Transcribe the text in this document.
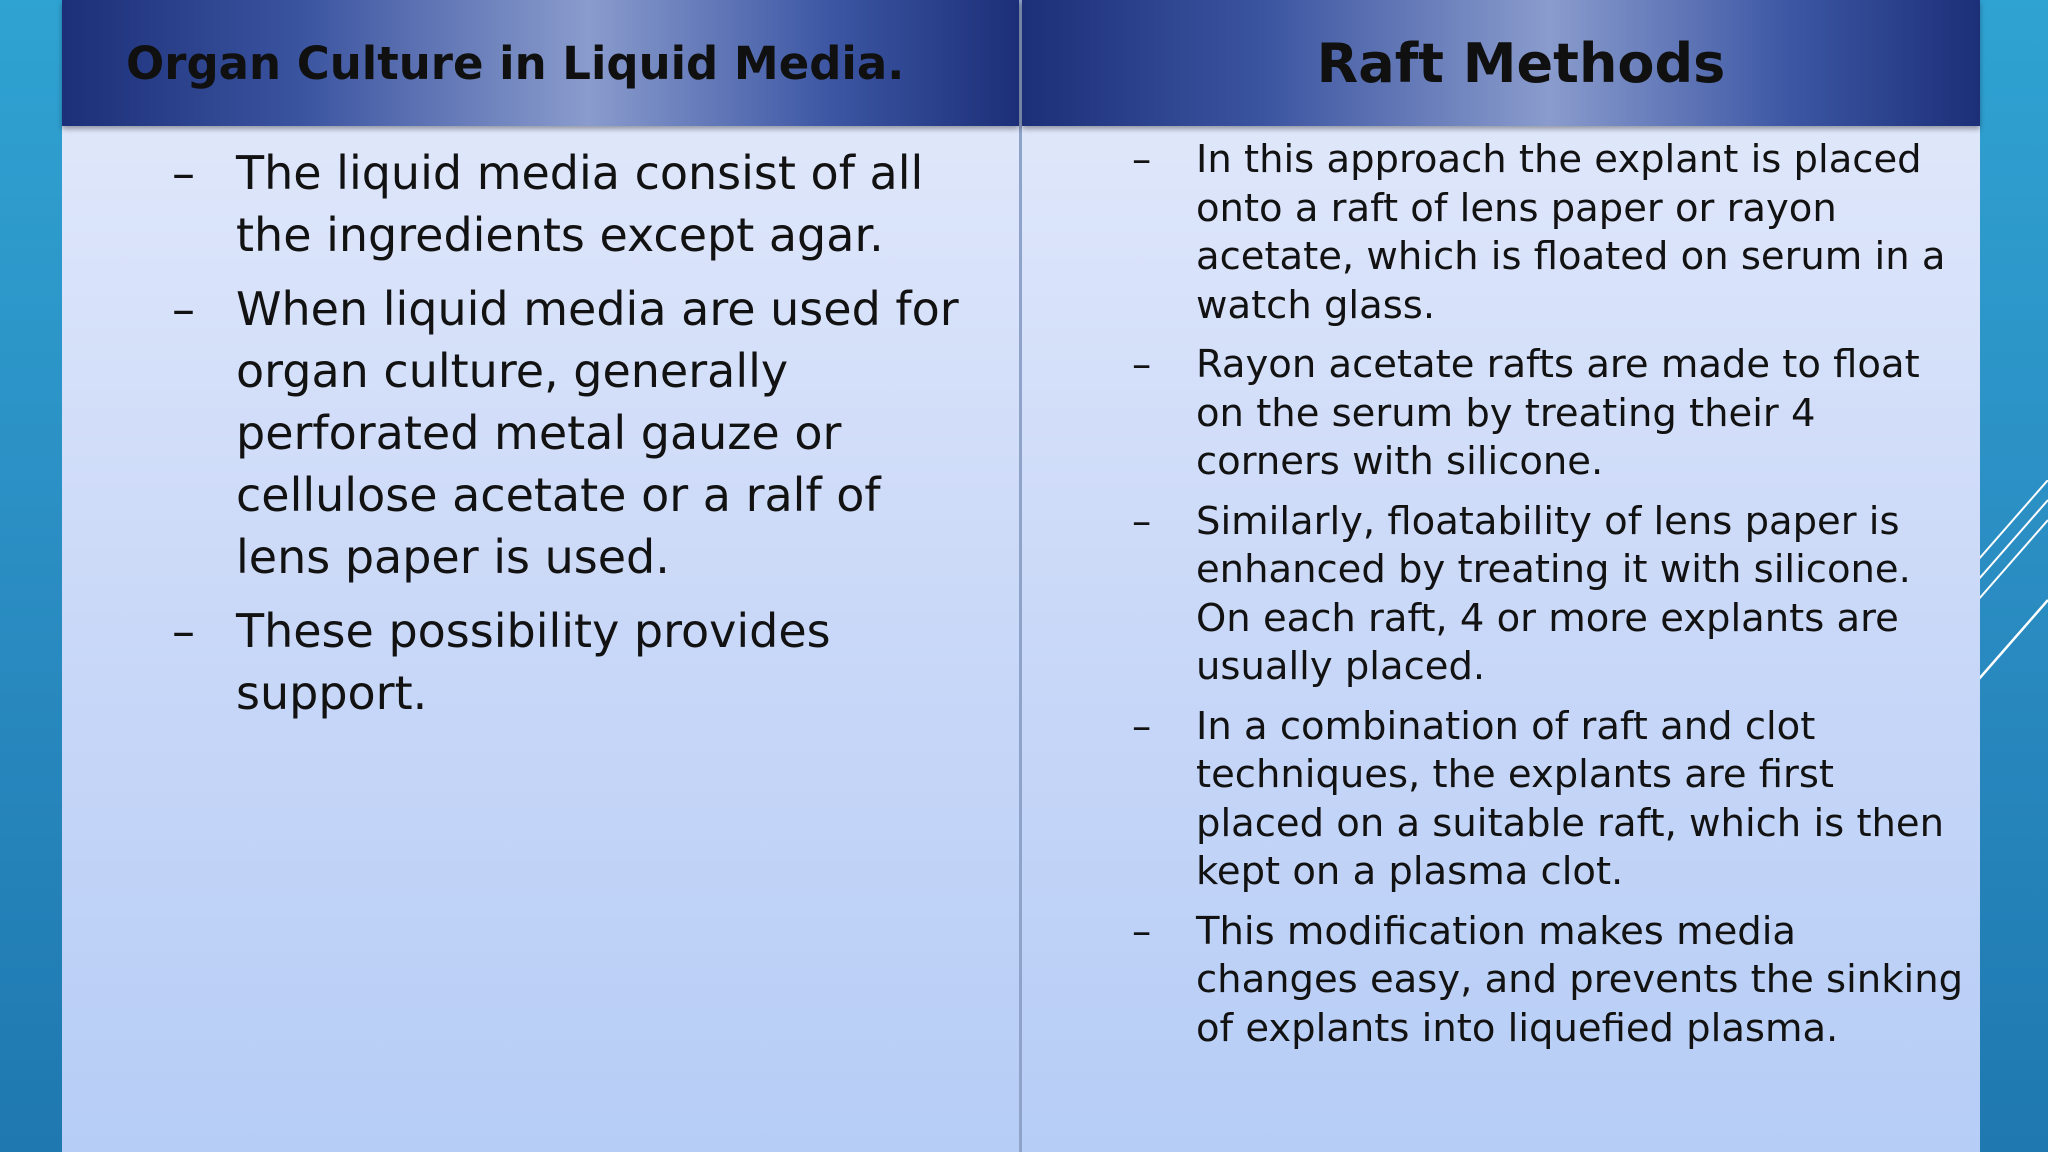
Organ Culture in Liquid Media.
– The liquid media consist of all the ingredients except agar.
– When liquid media are used for organ culture, generally perforated metal gauze or cellulose acetate or a ralf of lens paper is used.
– These possibility provides support.
Raft Methods
–	In this approach the explant is placed onto a raft of lens paper or rayon acetate, which is floated on serum in a watch glass.
–	Rayon acetate rafts are made to float on the serum by treating their 4 corners with silicone.
–	Similarly, floatability of lens paper is enhanced by treating it with silicone. On each raft, 4 or more explants are usually placed.
–	In a combination of raft and clot techniques, the explants are first placed on a suitable raft, which is then kept on a plasma clot.
–	This modification makes media changes easy, and prevents the sinking of explants into liquefied plasma.
